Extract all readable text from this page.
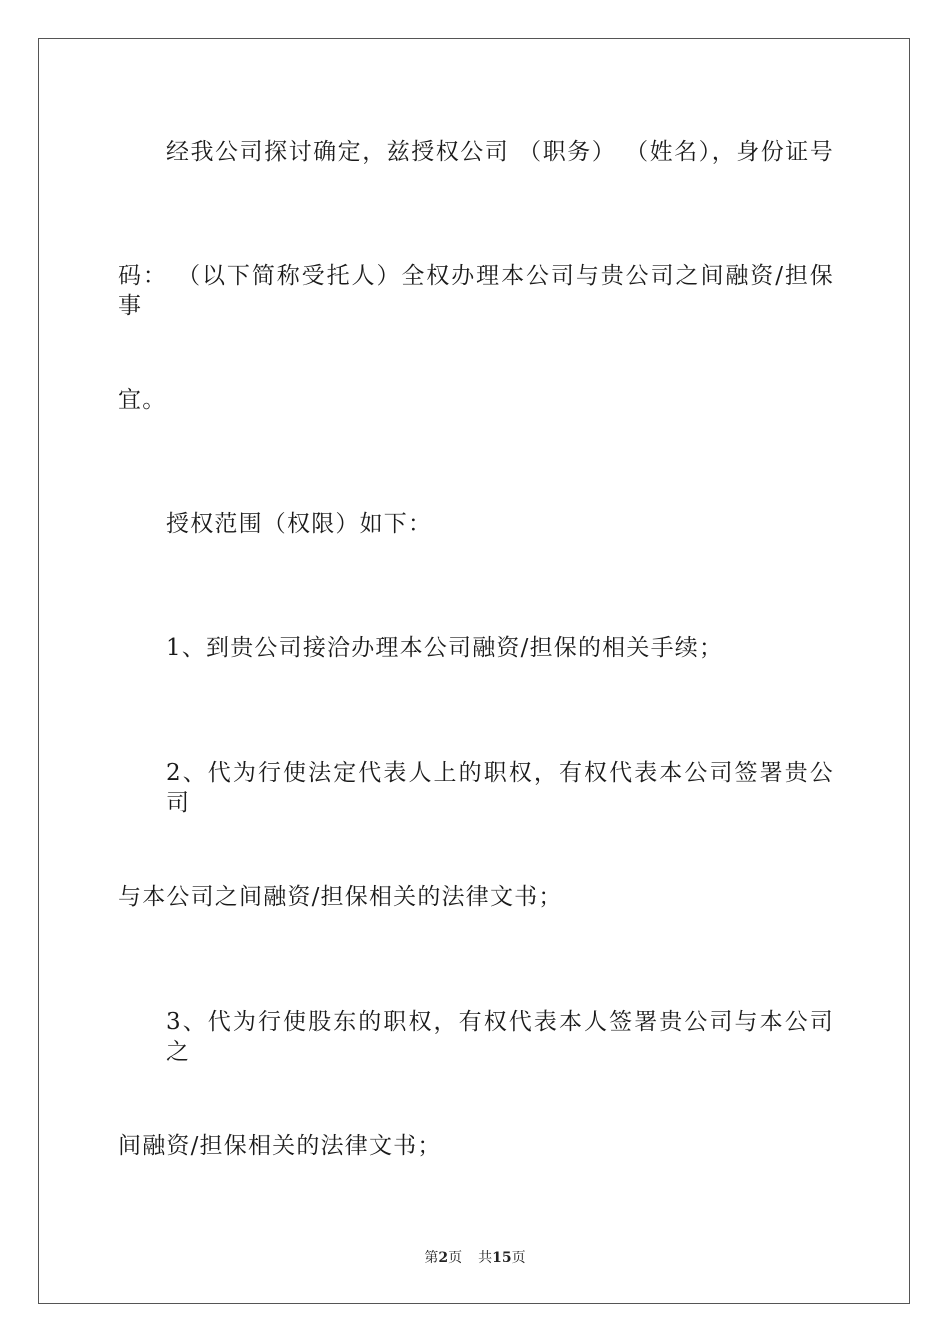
经我公司探讨确定，兹授权公司 （职务） （姓名），身份证号
码： （以下简称受托人）全权办理本公司与贵公司之间融资/担保事
宜。
授权范围（权限）如下：
1、到贵公司接洽办理本公司融资/担保的相关手续；
2、代为行使法定代表人上的职权，有权代表本公司签署贵公司
与本公司之间融资/担保相关的法律文书；
3、代为行使股东的职权，有权代表本人签署贵公司与本公司之
间融资/担保相关的法律文书；
第2页 共15页
